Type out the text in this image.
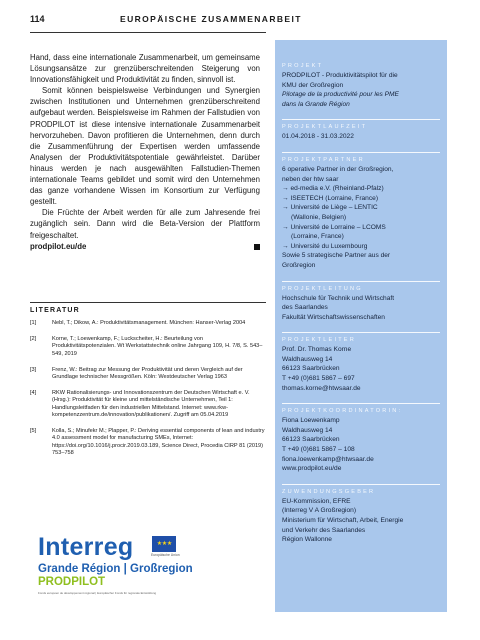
114	EUROPÄISCHE ZUSAMMENARBEIT

Hand, dass eine internationale Zusammenarbeit, um gemeinsame Lösungsansätze zur grenzüberschreitenden Steigerung von Innovationsfähigkeit und Produktivität zu finden, sinnvoll ist.

Somit können beispielsweise Verbindungen und Synergien zwischen Institutionen und Unternehmen grenzüberschreitend aufgebaut werden. Beispielsweise im Rahmen der Fallstudien von PRODPILOT ist diese intensive internationale Zusammenarbeit hervorzuheben. Davon profitieren die Unternehmen, denn durch die Zusammenführung der Expertisen werden umfassende Analysen der Produktivitätspotentiale gewährleistet. Darüber hinaus werden je nach ausgewählten Fallstudien-Themen internationale Teams gebildet und somit wird den Unternehmen das ganze vorhandene Wissen im Konsortium zur Verfügung gestellt.

Die Früchte der Arbeit werden für alle zum Jahresende frei zugänglich sein. Dann wird die Beta-Version der Plattform freigeschaltet.

prodpilot.eu/de
LITERATUR
[1]	Nebl, T.; Dikow, A.: Produktivitätsmanagement. München: Hanser-Verlag 2004
[2]	Korne, T.; Loewenkamp, F.; Luckscheiter, H.: Beurteilung von Produktivitätspotenzialen. Wt Werkstattstechnik online Jahrgang 109, H. 7/8, S. 543–549, 2019
[3]	Frenz, W.: Beitrag zur Messung der Produktivität und deren Vergleich auf der Grundlage technischer Messgrößen. Köln: Westdeutscher Verlag 1963
[4]	RKW Rationalisierungs- und Innovationszentrum der Deutschen Wirtschaft e. V. (Hrsg.): Produktivität für kleine und mittelständische Unternehmen, Teil 1: Handlungsleitfaden für den industriellen Mittelstand. Internet: www.rkw-kompetenzzentrum.de/innovation/publikationen/. Zugriff am 05.04.2019
[5]	Kolla, S.; Minufekr M.; Plapper, P.: Deriving essential components of lean and industry 4.0 assessment model for manufacturing SMEs, Internet: https://doi.org/10.1016/j.procir.2019.03.189, Science Direct, Procedia CIRP 81 (2019) 753–758
Interreg	★ ★ ★
Europäische Union
Grande Région | Großregion
PRODPILOT
Fonds européen de développement régional | Europäischer Fonds für regionale Entwicklung
PROJEKT
PRODPILOT - Produktivitätspilot für die
KMU der Großregion
Pilotage de la productivité pour les PME
dans la Grande Région
PROJEKTLAUFZEIT
01.04.2018 - 31.03.2022
PROJEKTPARTNER
6 operative Partner in der Großregion,
neben der htw saar
→ ed-media e.V. (Rheinland-Pfalz)
→ ISEETECH (Lorraine, France)
→ Université de Liège – LENTIC
(Wallonie, Belgien)
→ Université de Lorraine – LCOMS
(Lorraine, France)
→ Université du Luxembourg
Sowie 5 strategische Partner aus der
Großregion
PROJEKTLEITUNG
Hochschule für Technik und Wirtschaft
des Saarlandes
Fakultät Wirtschaftswissenschaften
PROJEKTLEITER
Prof. Dr. Thomas Korne
Waldhausweg 14
66123 Saarbrücken
T +49 (0)681 5867 – 697
thomas.korne@htwsaar.de
PROJEKTKOORDINATORIN:
Fiona Loewenkamp
Waldhausweg 14
66123 Saarbrücken
T +49 (0)681 5867 – 108
fiona.loewenkamp@htwsaar.de
www.prodpilot.eu/de
ZUWENDUNGSGEBER
EU-Kommission, EFRE
(Interreg V A Großregion)
Ministerium für Wirtschaft, Arbeit, Energie
und Verkehr des Saarlandes
Région Wallonne
